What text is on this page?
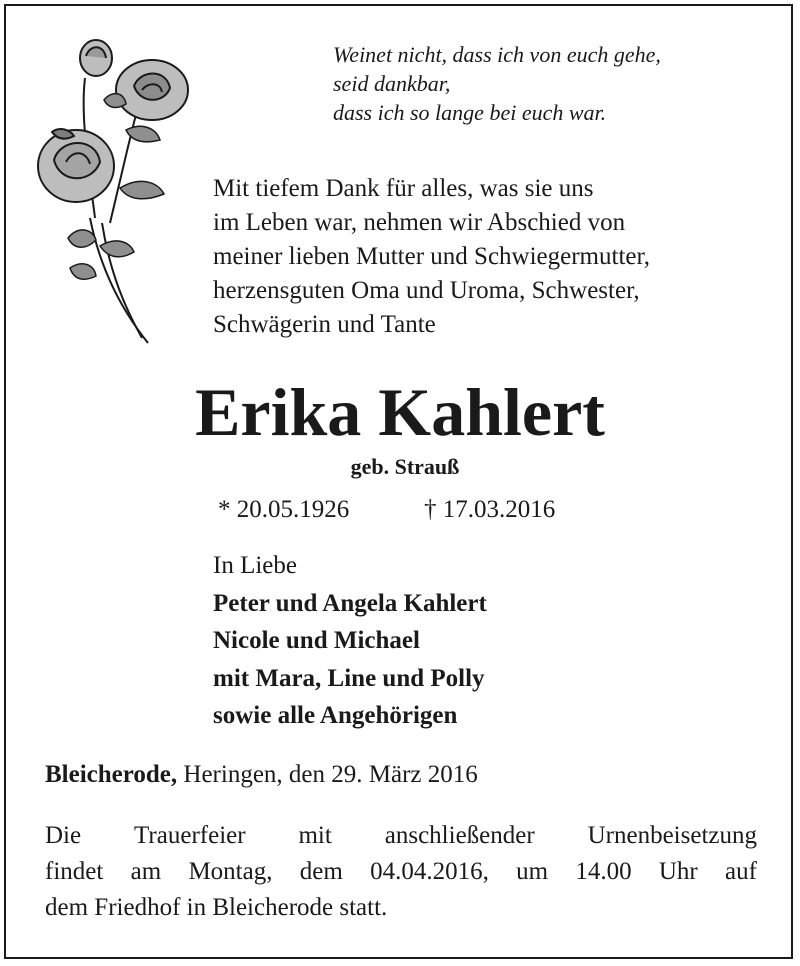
Weinet nicht, dass ich von euch gehe,
seid dankbar,
dass ich so lange bei euch war.
Mit tiefem Dank für alles, was sie uns
im Leben war, nehmen wir Abschied von
meiner lieben Mutter und Schwiegermutter,
herzensguten Oma und Uroma, Schwester,
Schwägerin und Tante
Erika Kahlert
geb. Strauß
* 20.05.1926	† 17.03.2016
In Liebe
Peter und Angela Kahlert
Nicole und Michael
mit Mara, Line und Polly
sowie alle Angehörigen
Bleicherode, Heringen, den 29. März 2016
Die Trauerfeier mit anschließender Urnenbeisetzung
findet am Montag, dem 04.04.2016, um 14.00 Uhr auf
dem Friedhof in Bleicherode statt.
